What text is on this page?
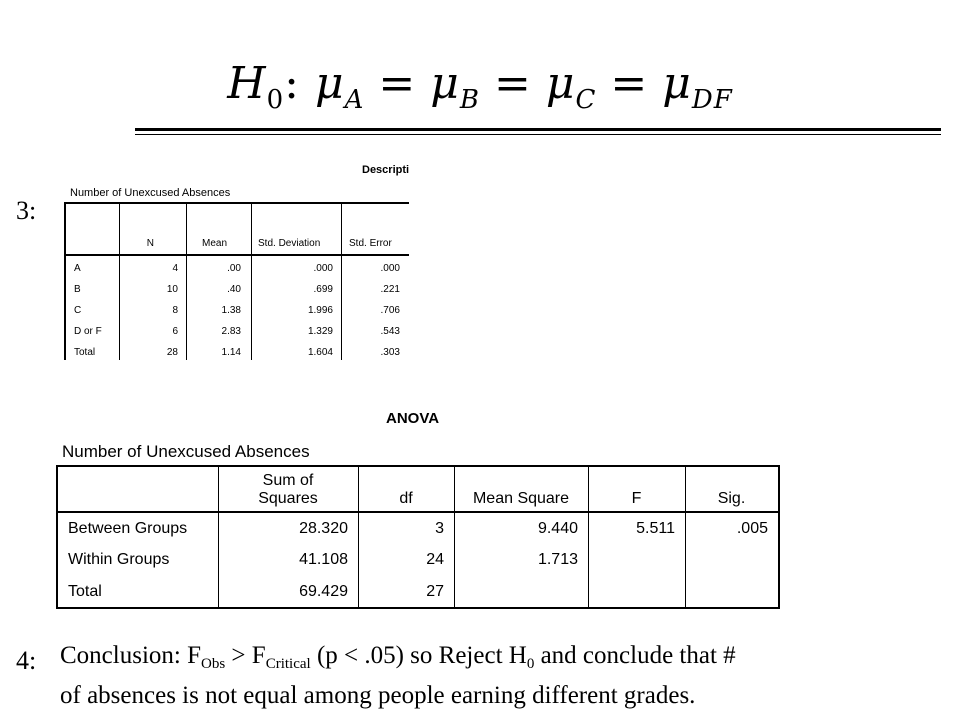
$H_0$: $\mu_A = \mu_B = \mu_C = \mu_{DF}$
3:
Descripti
Number of Unexcused Absences
N	Mean	Std. Deviation	Std. Error
A	4	.00	.000	.000
B	10	.40	.699	.221
C	8	1.38	1.996	.706
D or F	6	2.83	1.329	.543
Total	28	1.14	1.604	.303
ANOVA
Number of Unexcused Absences
Sum of
Squares	df	Mean Square	F	Sig.
Between Groups	28.320	3	9.440	5.511	.005
Within Groups	41.108	24	1.713
Total	69.429	27
4: Conclusion: $F_{Obs} > F_{Critical}$ (p < .05) so Reject $H_0$ and conclude that #
of absences is not equal among people earning different grades.
